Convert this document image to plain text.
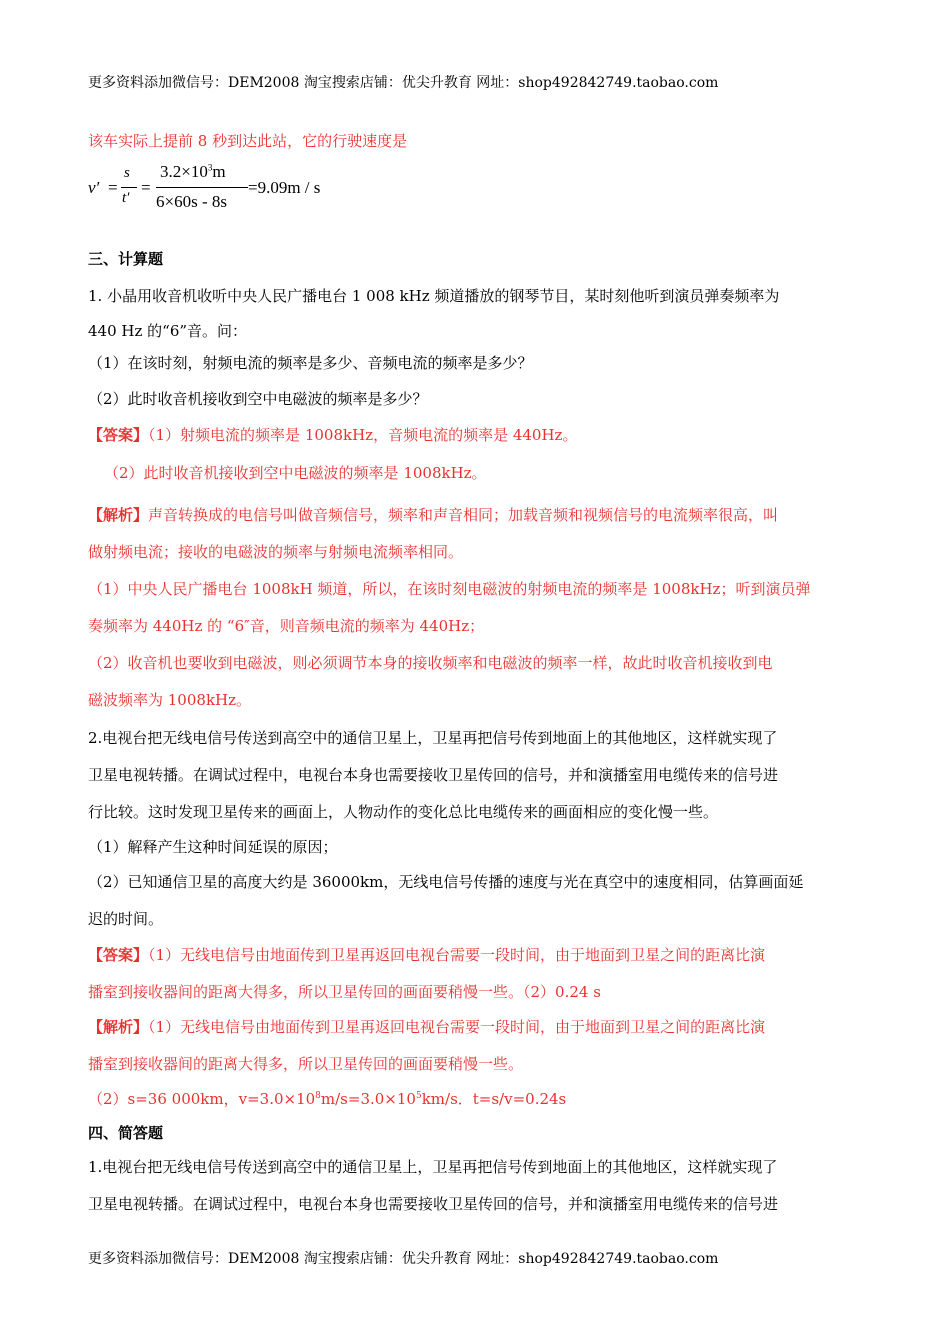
更多资料添加微信号：DEM2008 淘宝搜索店铺：优尖升教育 网址：shop492842749.taobao.com
该车实际上提前 8 秒到达此站，它的行驶速度是
v′ =
s
t′
=
$3.2\times 10^3m$
6×60s - 8s
=9.09m / s
三、计算题
1. 小晶用收音机收听中央人民广播电台 1 008 kHz 频道播放的钢琴节目，某时刻他听到演员弹奏频率为
440 Hz 的“6”音。问：
（1）在该时刻，射频电流的频率是多少、音频电流的频率是多少？
（2）此时收音机接收到空中电磁波的频率是多少？
【答案】（1）射频电流的频率是 1008kHz，音频电流的频率是 440Hz。
（2）此时收音机接收到空中电磁波的频率是 1008kHz。
【解析】声音转换成的电信号叫做音频信号，频率和声音相同；加载音频和视频信号的电流频率很高，叫
做射频电流；接收的电磁波的频率与射频电流频率相同。
（1）中央人民广播电台 1008kH 频道，所以，在该时刻电磁波的射频电流的频率是 1008kHz；听到演员弹
奏频率为 440Hz 的 “6″音，则音频电流的频率为 440Hz；
（2）收音机也要收到电磁波，则必须调节本身的接收频率和电磁波的频率一样，故此时收音机接收到电
磁波频率为 1008kHz。
2.电视台把无线电信号传送到高空中的通信卫星上，卫星再把信号传到地面上的其他地区，这样就实现了
卫星电视转播。在调试过程中，电视台本身也需要接收卫星传回的信号，并和演播室用电缆传来的信号进
行比较。这时发现卫星传来的画面上，人物动作的变化总比电缆传来的画面相应的变化慢一些。
（1）解释产生这种时间延误的原因；
（2）已知通信卫星的高度大约是 36000km，无线电信号传播的速度与光在真空中的速度相同，估算画面延
迟的时间。
【答案】（1）无线电信号由地面传到卫星再返回电视台需要一段时间，由于地面到卫星之间的距离比演
播室到接收器间的距离大得多，所以卫星传回的画面要稍慢一些。（2）0.24 s
【解析】（1）无线电信号由地面传到卫星再返回电视台需要一段时间，由于地面到卫星之间的距离比演
播室到接收器间的距离大得多，所以卫星传回的画面要稍慢一些。
（2）s=36 000km，$v=3.0\times 10^8m/s=3.0\times 10^5km/s$．t=s/v=0.24s
四、简答题
1.电视台把无线电信号传送到高空中的通信卫星上，卫星再把信号传到地面上的其他地区，这样就实现了
卫星电视转播。在调试过程中，电视台本身也需要接收卫星传回的信号，并和演播室用电缆传来的信号进
更多资料添加微信号：DEM2008 淘宝搜索店铺：优尖升教育 网址：shop492842749.taobao.com
